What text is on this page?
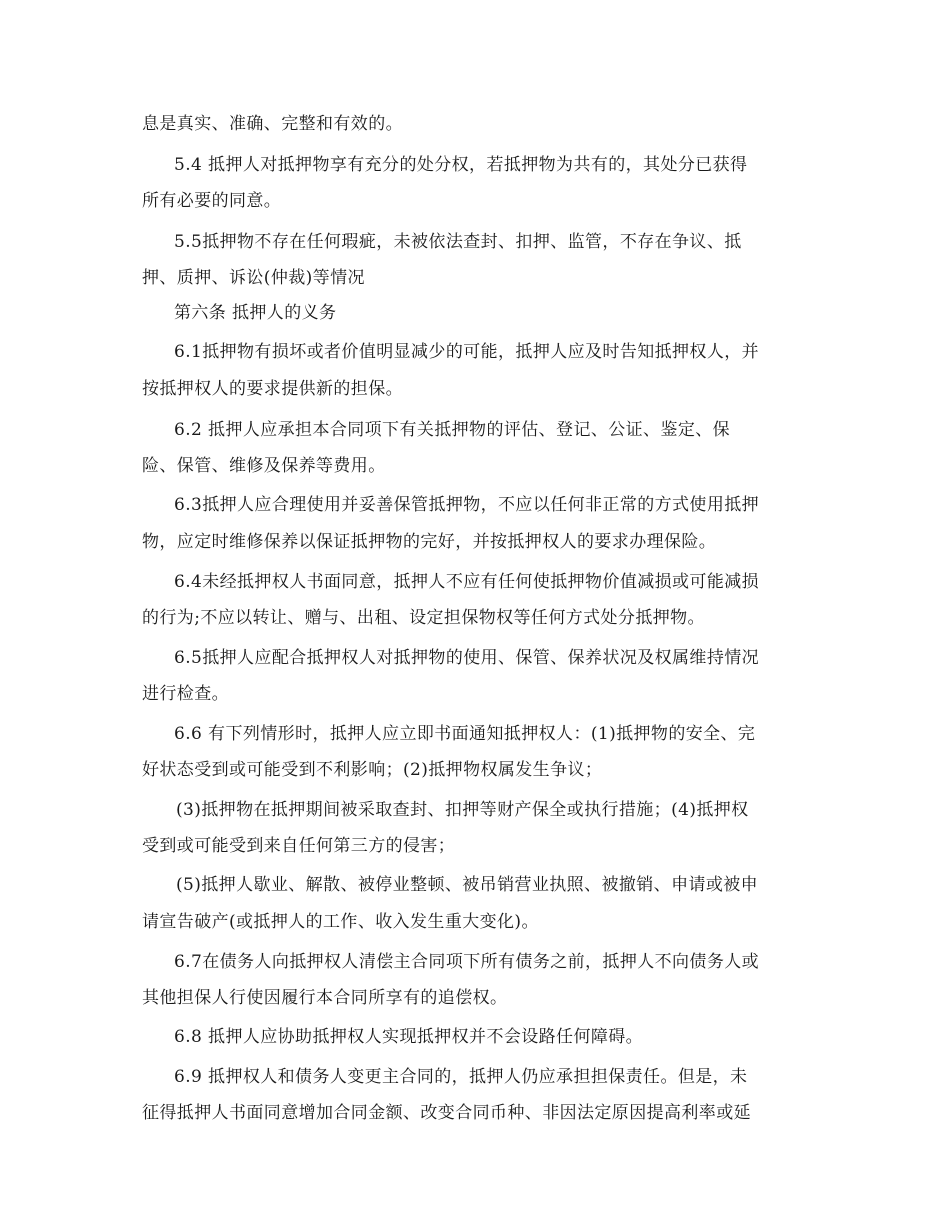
息是真实、准确、完整和有效的。
5.4 抵押人对抵押物享有充分的处分权，若抵押物为共有的，其处分已获得
所有必要的同意。
5.5抵押物不存在任何瑕疵，未被依法查封、扣押、监管，不存在争议、抵
押、质押、诉讼(仲裁)等情况
第六条 抵押人的义务
6.1抵押物有损坏或者价值明显减少的可能，抵押人应及时告知抵押权人，并
按抵押权人的要求提供新的担保。
6.2 抵押人应承担本合同项下有关抵押物的评估、登记、公证、鉴定、保
险、保管、维修及保养等费用。
6.3抵押人应合理使用并妥善保管抵押物，不应以任何非正常的方式使用抵押
物，应定时维修保养以保证抵押物的完好，并按抵押权人的要求办理保险。
6.4未经抵押权人书面同意，抵押人不应有任何使抵押物价值减损或可能减损
的行为;不应以转让、赠与、出租、设定担保物权等任何方式处分抵押物。
6.5抵押人应配合抵押权人对抵押物的使用、保管、保养状况及权属维持情况
进行检查。
6.6 有下列情形时，抵押人应立即书面通知抵押权人：(1)抵押物的安全、完
好状态受到或可能受到不利影响；(2)抵押物权属发生争议；
(3)抵押物在抵押期间被采取查封、扣押等财产保全或执行措施；(4)抵押权
受到或可能受到来自任何第三方的侵害；
(5)抵押人歇业、解散、被停业整顿、被吊销营业执照、被撤销、申请或被申
请宣告破产(或抵押人的工作、收入发生重大变化)。
6.7在债务人向抵押权人清偿主合同项下所有债务之前，抵押人不向债务人或
其他担保人行使因履行本合同所享有的追偿权。
6.8 抵押人应协助抵押权人实现抵押权并不会设路任何障碍。
6.9 抵押权人和债务人变更主合同的，抵押人仍应承担担保责任。但是，未
征得抵押人书面同意增加合同金额、改变合同币种、非因法定原因提高利率或延
